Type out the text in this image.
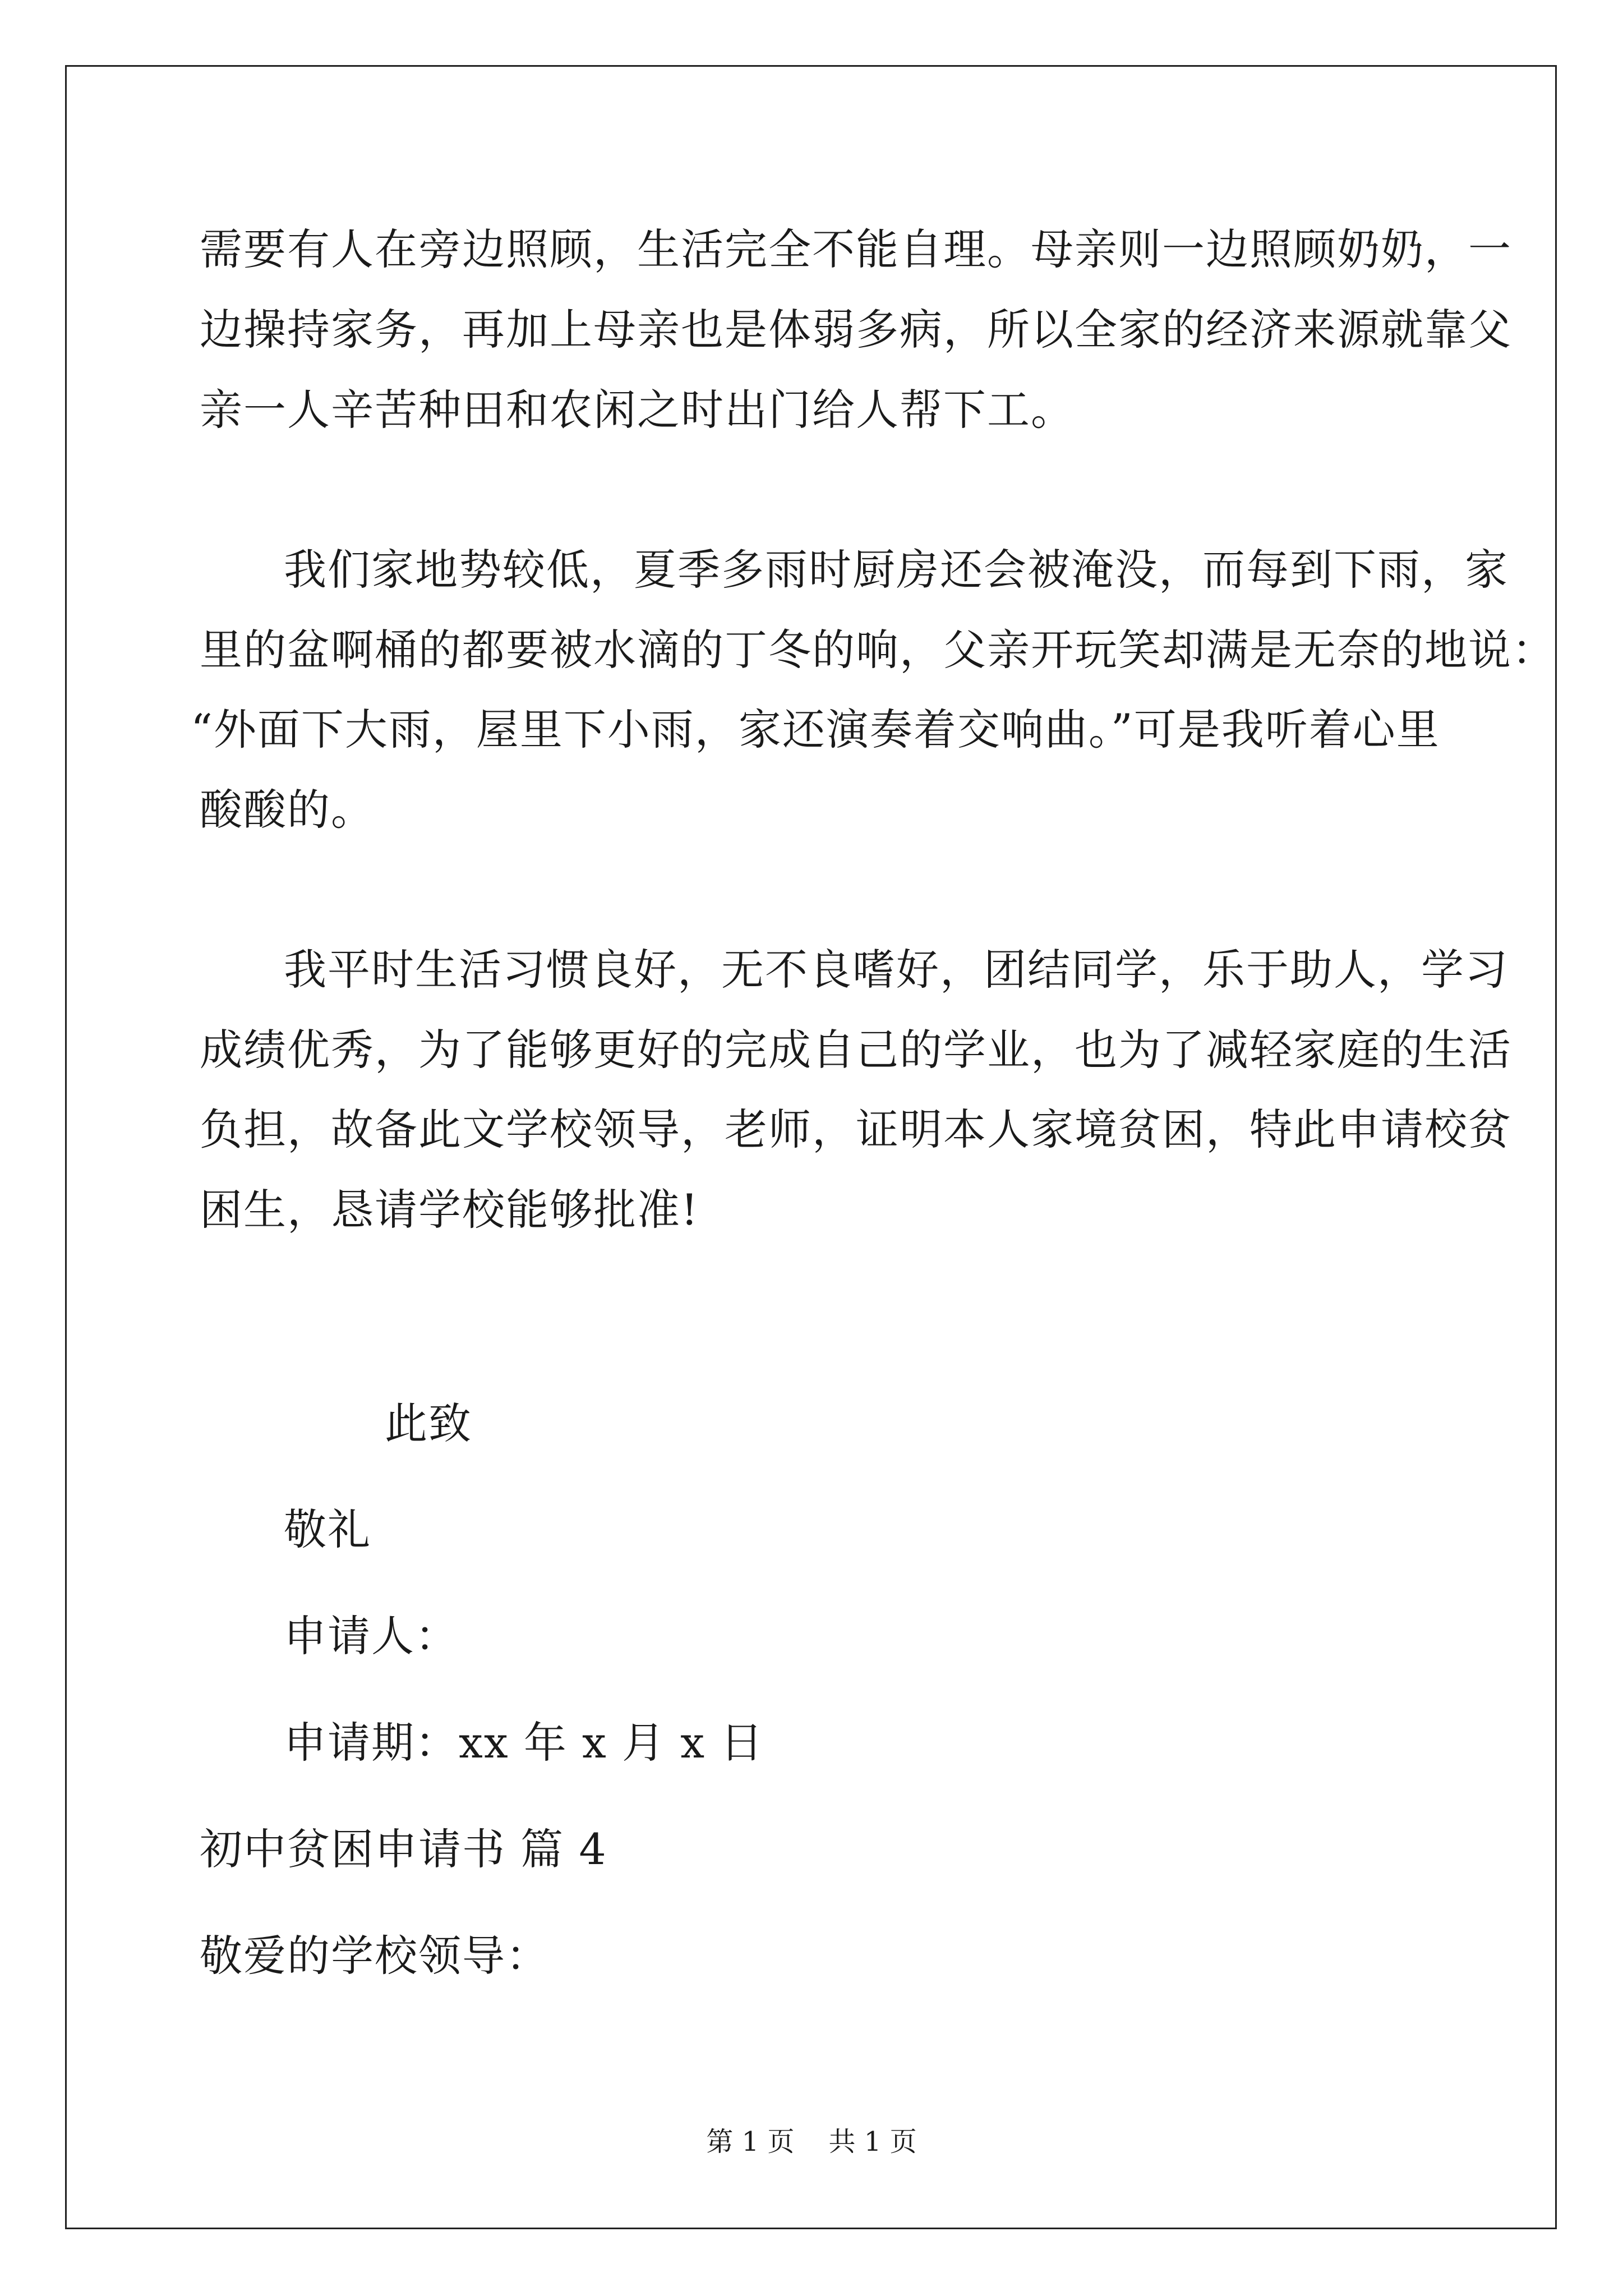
需要有人在旁边照顾，生活完全不能自理。母亲则一边照顾奶奶，一
边操持家务，再加上母亲也是体弱多病，所以全家的经济来源就靠父
亲一人辛苦种田和农闲之时出门给人帮下工。
我们家地势较低，夏季多雨时厨房还会被淹没，而每到下雨，家
里的盆啊桶的都要被水滴的丁冬的响，父亲开玩笑却满是无奈的地说：
“外面下大雨，屋里下小雨，家还演奏着交响曲。”可是我听着心里
酸酸的。
我平时生活习惯良好，无不良嗜好，团结同学，乐于助人，学习
成绩优秀，为了能够更好的完成自己的学业，也为了减轻家庭的生活
负担，故备此文学校领导，老师，证明本人家境贫困，特此申请校贫
困生，恳请学校能够批准!
此致
敬礼
申请人：
申请期：xx 年 x 月 x 日
初中贫困申请书 篇 4
敬爱的学校领导：
第 1 页    共 1 页
